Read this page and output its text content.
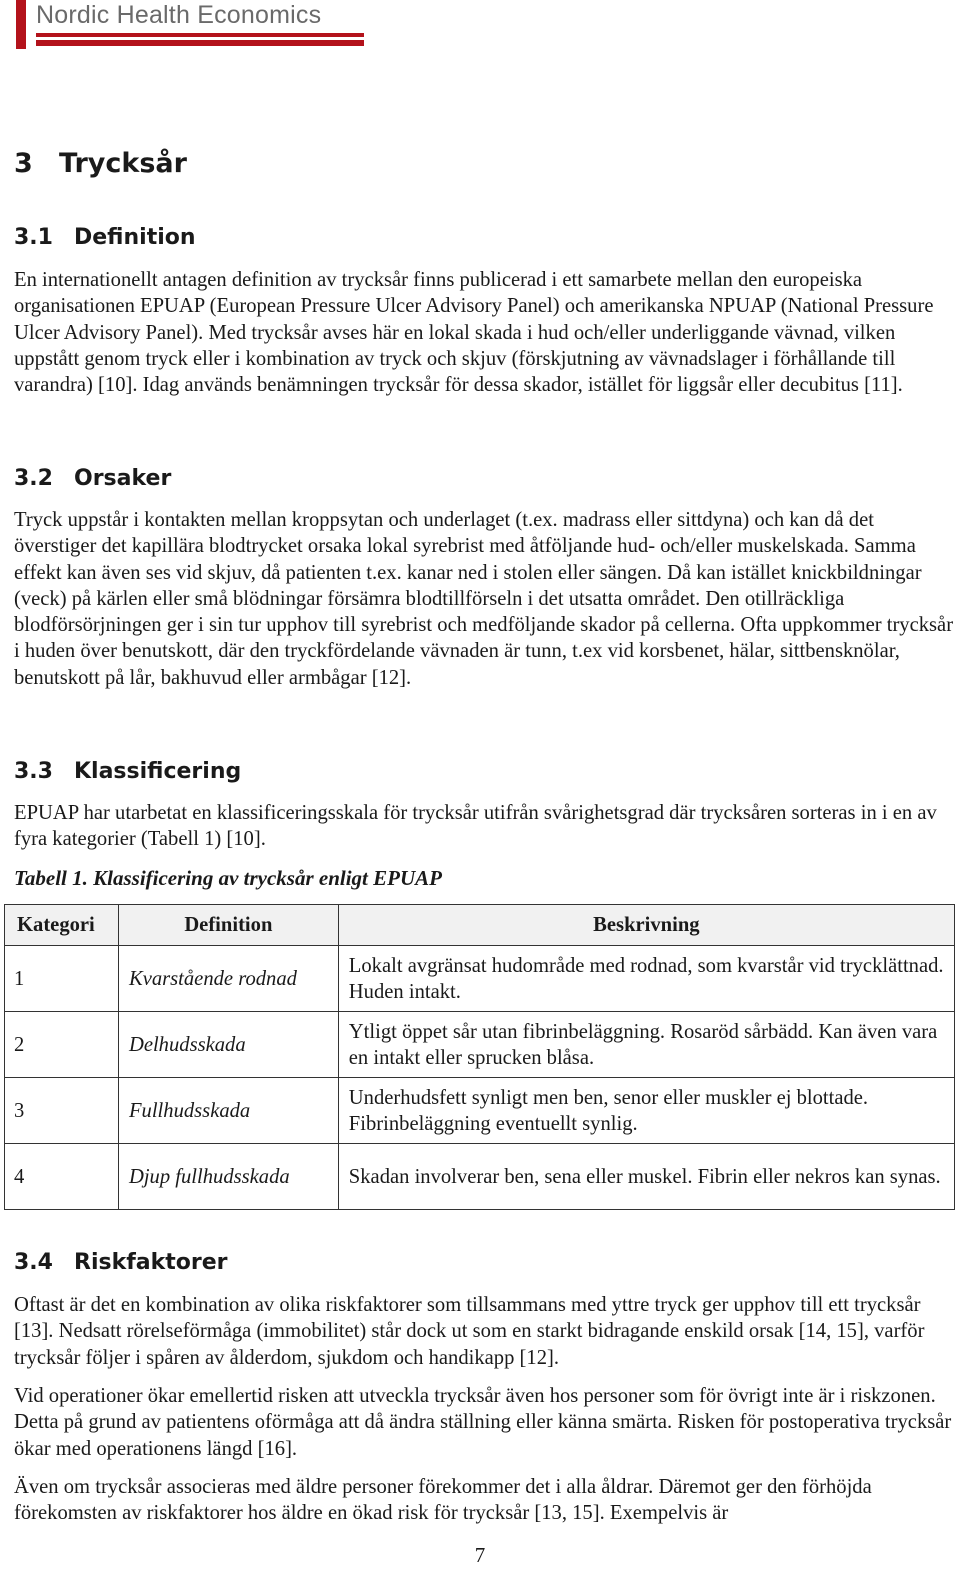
Nordic Health Economics
3 Trycksår
3.1 Definition

En internationellt antagen definition av trycksår finns publicerad i ett samarbete mellan den europeiska organisationen EPUAP (European Pressure Ulcer Advisory Panel) och amerikanska NPUAP (National Pressure Ulcer Advisory Panel). Med trycksår avses här en lokal skada i hud och/eller underliggande vävnad, vilken uppstått genom tryck eller i kombination av tryck och skjuv (förskjutning av vävnadslager i förhållande till varandra) [10]. Idag används benämningen trycksår för dessa skador, istället för liggsår eller decubitus [11].

3.2 Orsaker

Tryck uppstår i kontakten mellan kroppsytan och underlaget (t.ex. madrass eller sittdyna) och kan då det överstiger det kapillära blodtrycket orsaka lokal syrebrist med åtföljande hud- och/eller muskelskada. Samma effekt kan även ses vid skjuv, då patienten t.ex. kanar ned i stolen eller sängen. Då kan istället knickbildningar (veck) på kärlen eller små blödningar försämra blodtillförseln i det utsatta området. Den otillräckliga blodförsörjningen ger i sin tur upphov till syrebrist och medföljande skador på cellerna. Ofta uppkommer trycksår i huden över benutskott, där den tryckfördelande vävnaden är tunn, t.ex vid korsbenet, hälar, sittbensknölar, benutskott på lår, bakhuvud eller armbågar [12].

3.3 Klassificering

EPUAP har utarbetat en klassificeringsskala för trycksår utifrån svårighetsgrad där trycksåren sorteras in i en av fyra kategorier (Tabell 1) [10].

Tabell 1. Klassificering av trycksår enligt EPUAP
Kategori	Definition	Beskrivning
1	Kvarstående rodnad	Lokalt avgränsat hudområde med rodnad, som kvarstår vid trycklättnad. Huden intakt.
2	Delhudsskada	Ytligt öppet sår utan fibrinbeläggning. Rosaröd sårbädd. Kan även vara en intakt eller sprucken blåsa.
3	Fullhudsskada	Underhudsfett synligt men ben, senor eller muskler ej blottade. Fibrinbeläggning eventuellt synlig.
4	Djup fullhudsskada	Skadan involverar ben, sena eller muskel. Fibrin eller nekros kan synas.
3.4 Riskfaktorer

Oftast är det en kombination av olika riskfaktorer som tillsammans med yttre tryck ger upphov till ett trycksår [13]. Nedsatt rörelseförmåga (immobilitet) står dock ut som en starkt bidragande enskild orsak [14, 15], varför trycksår följer i spåren av ålderdom, sjukdom och handikapp [12].

Vid operationer ökar emellertid risken att utveckla trycksår även hos personer som för övrigt inte är i riskzonen. Detta på grund av patientens oförmåga att då ändra ställning eller känna smärta. Risken för postoperativa trycksår ökar med operationens längd [16].

Även om trycksår associeras med äldre personer förekommer det i alla åldrar. Däremot ger den förhöjda förekomsten av riskfaktorer hos äldre en ökad risk för trycksår [13, 15]. Exempelvis är

7
